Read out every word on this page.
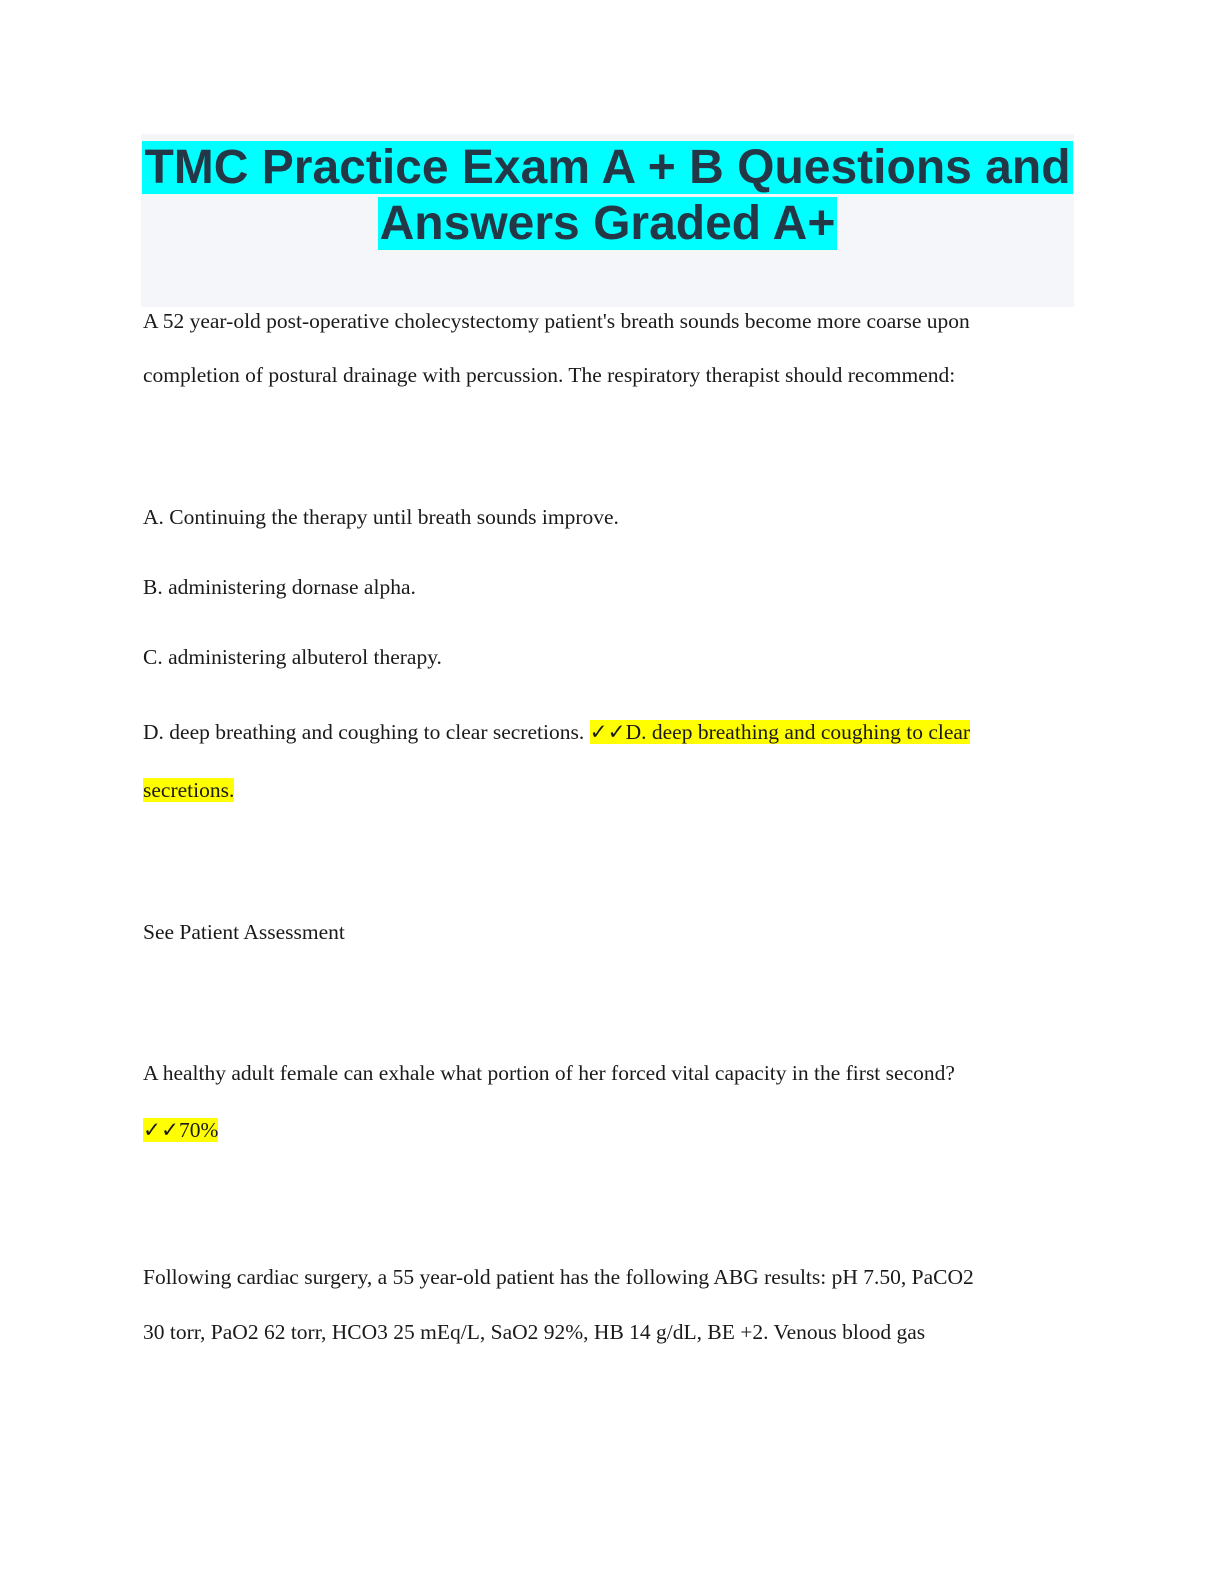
TMC Practice Exam A + B Questions and
Answers Graded A+
A 52 year-old post-operative cholecystectomy patient's breath sounds become more coarse upon
completion of postural drainage with percussion. The respiratory therapist should recommend:
A. Continuing the therapy until breath sounds improve.
B. administering dornase alpha.
C. administering albuterol therapy.
D. deep breathing and coughing to clear secretions. ✓✓D. deep breathing and coughing to clear
secretions.
See Patient Assessment
A healthy adult female can exhale what portion of her forced vital capacity in the first second?
✓✓70%
Following cardiac surgery, a 55 year-old patient has the following ABG results: pH 7.50, PaCO2
30 torr, PaO2 62 torr, HCO3 25 mEq/L, SaO2 92%, HB 14 g/dL, BE +2. Venous blood gas
